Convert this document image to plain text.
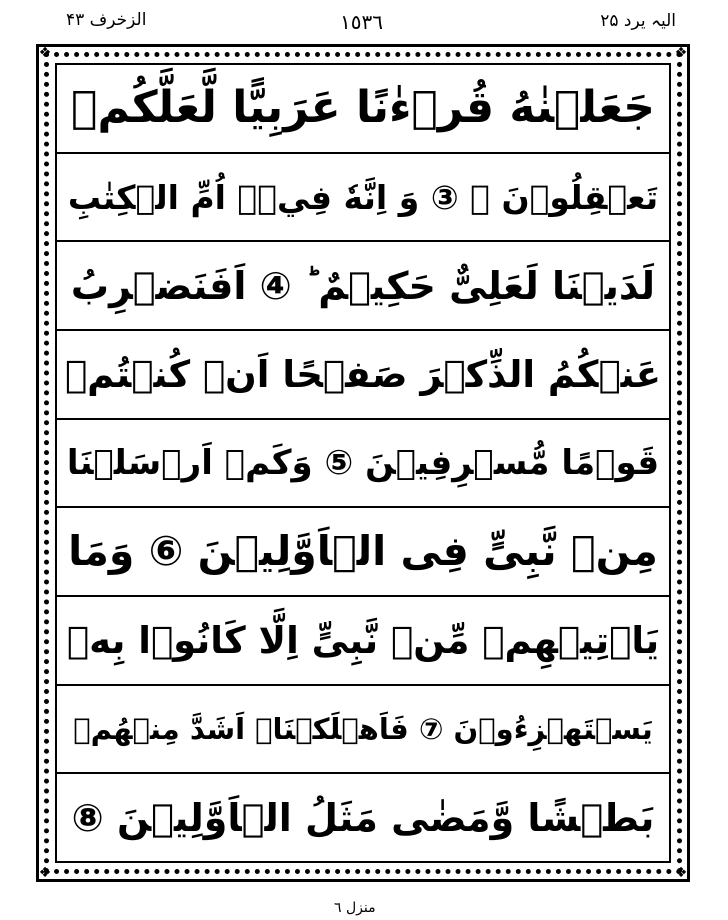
الزخرف ۴۳	١٥٣٦	الیہ یرد ۲۵
❖	❖
❖	❖
جَعَلۡنٰهُ قُرۡءٰنًا عَرَبِيًّا لَّعَلَّكُمۡ
تَعۡقِلُوۡنَ ۚ ③ وَ اِنَّهٗ فِيۡۤ اُمِّ الۡكِتٰبِ
لَدَيۡنَا لَعَلِىٌّ حَكِيۡمٌ ؕ ④ اَفَنَضۡرِبُ
عَنۡكُمُ الذِّكۡرَ صَفۡحًا اَنۡ كُنۡتُمۡ
قَوۡمًا مُّسۡرِفِيۡنَ ⑤ وَكَمۡ اَرۡسَلۡنَا
مِنۡ نَّبِىٍّ فِى الۡاَوَّلِيۡنَ ⑥ وَمَا
يَاۡتِيۡهِمۡ مِّنۡ نَّبِىٍّ اِلَّا كَانُوۡا بِهٖ
يَسۡتَهۡزِءُوۡنَ ⑦ فَاَهۡلَكۡنَاۤ اَشَدَّ مِنۡهُمۡ
بَطۡشًا وَّمَضٰى مَثَلُ الۡاَوَّلِيۡنَ ⑧
منزل ٦
